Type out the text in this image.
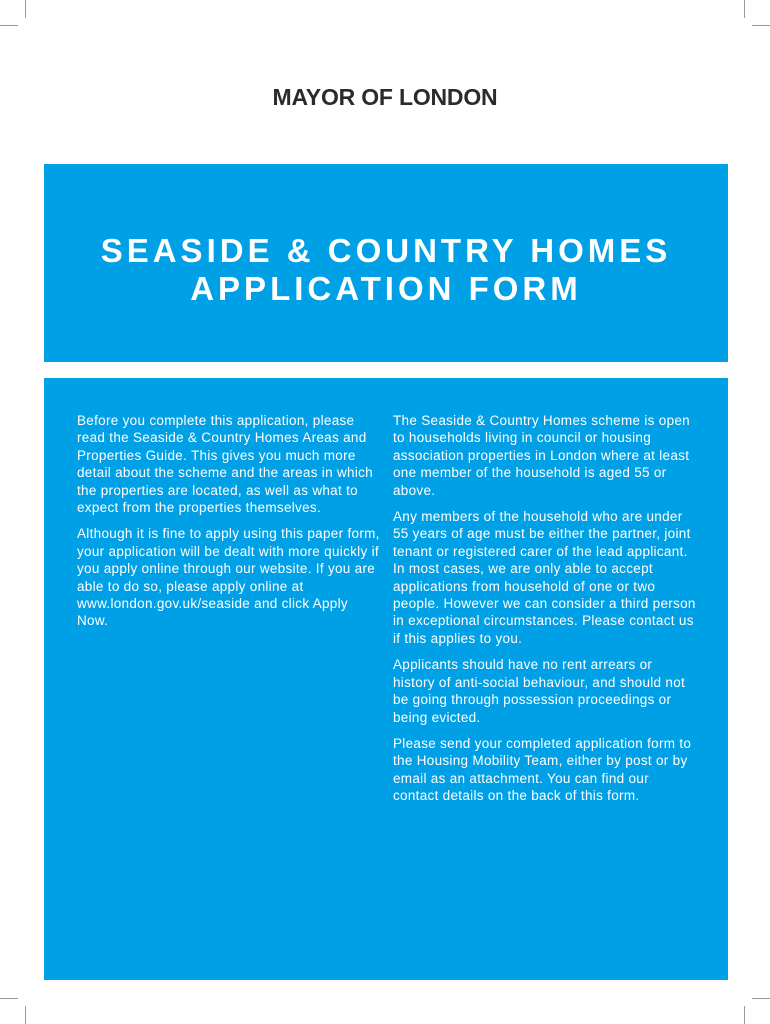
MAYOR OF LONDON
SEASIDE & COUNTRY HOMES
APPLICATION FORM

Before you complete this application, please read the Seaside & Country Homes Areas and Properties Guide. This gives you much more detail about the scheme and the areas in which the properties are located, as well as what to expect from the properties themselves.

Although it is fine to apply using this paper form, your application will be dealt with more quickly if you apply online through our website. If you are able to do so, please apply online at www.london.gov.uk/seaside and click Apply Now.

The Seaside & Country Homes scheme is open to households living in council or housing association properties in London where at least one member of the household is aged 55 or above.

Any members of the household who are under 55 years of age must be either the partner, joint tenant or registered carer of the lead applicant. In most cases, we are only able to accept applications from household of one or two people. However we can consider a third person in exceptional circumstances. Please contact us if this applies to you.

Applicants should have no rent arrears or history of anti-social behaviour, and should not be going through possession proceedings or being evicted.

Please send your completed application form to the Housing Mobility Team, either by post or by email as an attachment. You can find our contact details on the back of this form.
